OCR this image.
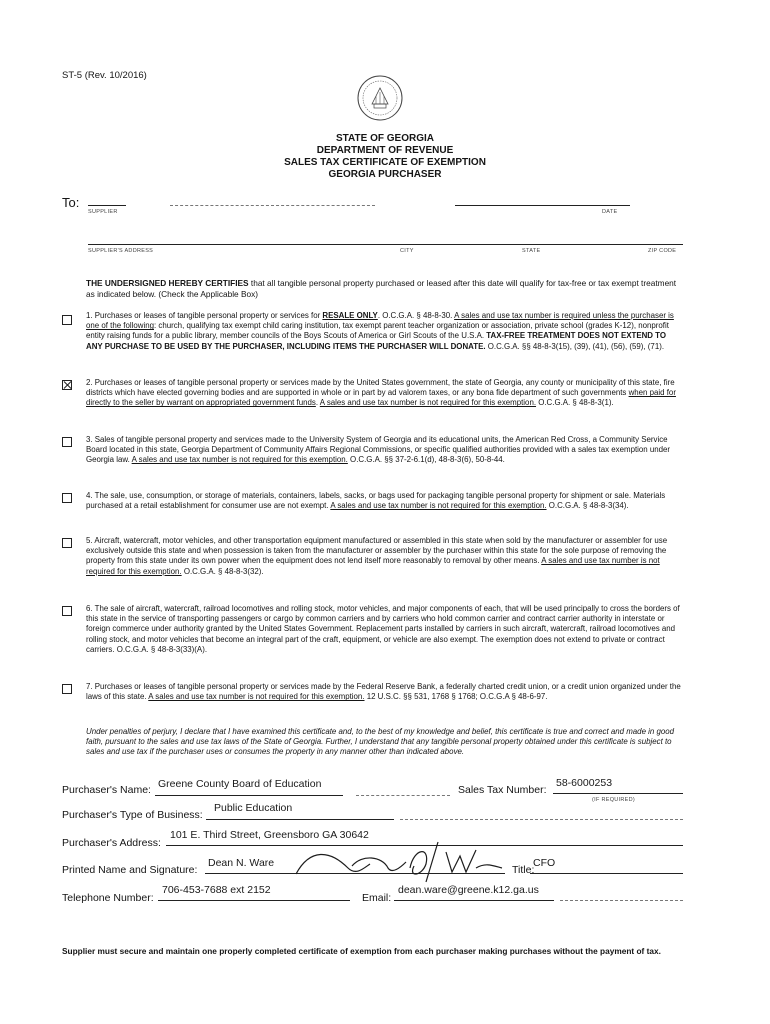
ST-5 (Rev. 10/2016)
STATE OF GEORGIA
DEPARTMENT OF REVENUE
SALES TAX CERTIFICATE OF EXEMPTION
GEORGIA PURCHASER
To:
SUPPLIER	DATE
SUPPLIER'S ADDRESS	CITY	STATE	ZIP CODE
THE UNDERSIGNED HEREBY CERTIFIES that all tangible personal property purchased or leased after this date will qualify for tax-free or tax exempt treatment as indicated below. (Check the Applicable Box)
1. Purchases or leases of tangible personal property or services for RESALE ONLY. O.C.G.A. § 48-8-30. A sales and use tax number is required unless the purchaser is one of the following: church, qualifying tax exempt child caring institution, tax exempt parent teacher organization or association, private school (grades K-12), nonprofit entity raising funds for a public library, member councils of the Boys Scouts of America or Girl Scouts of the U.S.A. TAX-FREE TREATMENT DOES NOT EXTEND TO ANY PURCHASE TO BE USED BY THE PURCHASER, INCLUDING ITEMS THE PURCHASER WILL DONATE. O.C.G.A. §§ 48-8-3(15), (39), (41), (56), (59), (71).
2. Purchases or leases of tangible personal property or services made by the United States government, the state of Georgia, any county or municipality of this state, fire districts which have elected governing bodies and are supported in whole or in part by ad valorem taxes, or any bona fide department of such governments when paid for directly to the seller by warrant on appropriated government funds. A sales and use tax number is not required for this exemption. O.C.G.A. § 48-8-3(1).
3. Sales of tangible personal property and services made to the University System of Georgia and its educational units, the American Red Cross, a Community Service Board located in this state, Georgia Department of Community Affairs Regional Commissions, or specific qualified authorities provided with a sales tax exemption under Georgia law. A sales and use tax number is not required for this exemption. O.C.G.A. §§ 37-2-6.1(d), 48-8-3(6), 50-8-44.
4. The sale, use, consumption, or storage of materials, containers, labels, sacks, or bags used for packaging tangible personal property for shipment or sale. Materials purchased at a retail establishment for consumer use are not exempt. A sales and use tax number is not required for this exemption. O.C.G.A. § 48-8-3(34).
5. Aircraft, watercraft, motor vehicles, and other transportation equipment manufactured or assembled in this state when sold by the manufacturer or assembler for use exclusively outside this state and when possession is taken from the manufacturer or assembler by the purchaser within this state for the sole purpose of removing the property from this state under its own power when the equipment does not lend itself more reasonably to removal by other means. A sales and use tax number is not required for this exemption. O.C.G.A. § 48-8-3(32).
6. The sale of aircraft, watercraft, railroad locomotives and rolling stock, motor vehicles, and major components of each, that will be used principally to cross the borders of this state in the service of transporting passengers or cargo by common carriers and by carriers who hold common carrier and contract carrier authority in interstate or foreign commerce under authority granted by the United States Government. Replacement parts installed by carriers in such aircraft, watercraft, railroad locomotives and rolling stock, and motor vehicles that become an integral part of the craft, equipment, or vehicle are also exempt. The exemption does not extend to private or contract carriers. O.C.G.A. § 48-8-3(33)(A).
7. Purchases or leases of tangible personal property or services made by the Federal Reserve Bank, a federally charted credit union, or a credit union organized under the laws of this state. A sales and use tax number is not required for this exemption. 12 U.S.C. §§ 531, 1768 § 1768; O.C.G.A § 48-6-97.
Under penalties of perjury, I declare that I have examined this certificate and, to the best of my knowledge and belief, this certificate is true and correct and made in good faith, pursuant to the sales and use tax laws of the State of Georgia. Further, I understand that any tangible personal property obtained under this certificate is subject to sales and use tax if the purchaser uses or consumes the property in any manner other than indicated above.
Purchaser's Name: Greene County Board of Education	Sales Tax Number:
58-6000253
(IF REQUIRED)
Purchaser's Type of Business:
Public Education
Purchaser's Address:
101 E. Third Street, Greensboro GA 30642
Printed Name and Signature:
Dean N. Ware
Title:
CFO
Telephone Number:
706-453-7688 ext 2152
Email:
dean.ware@greene.k12.ga.us
Supplier must secure and maintain one properly completed certificate of exemption from each purchaser making purchases without the payment of tax.
